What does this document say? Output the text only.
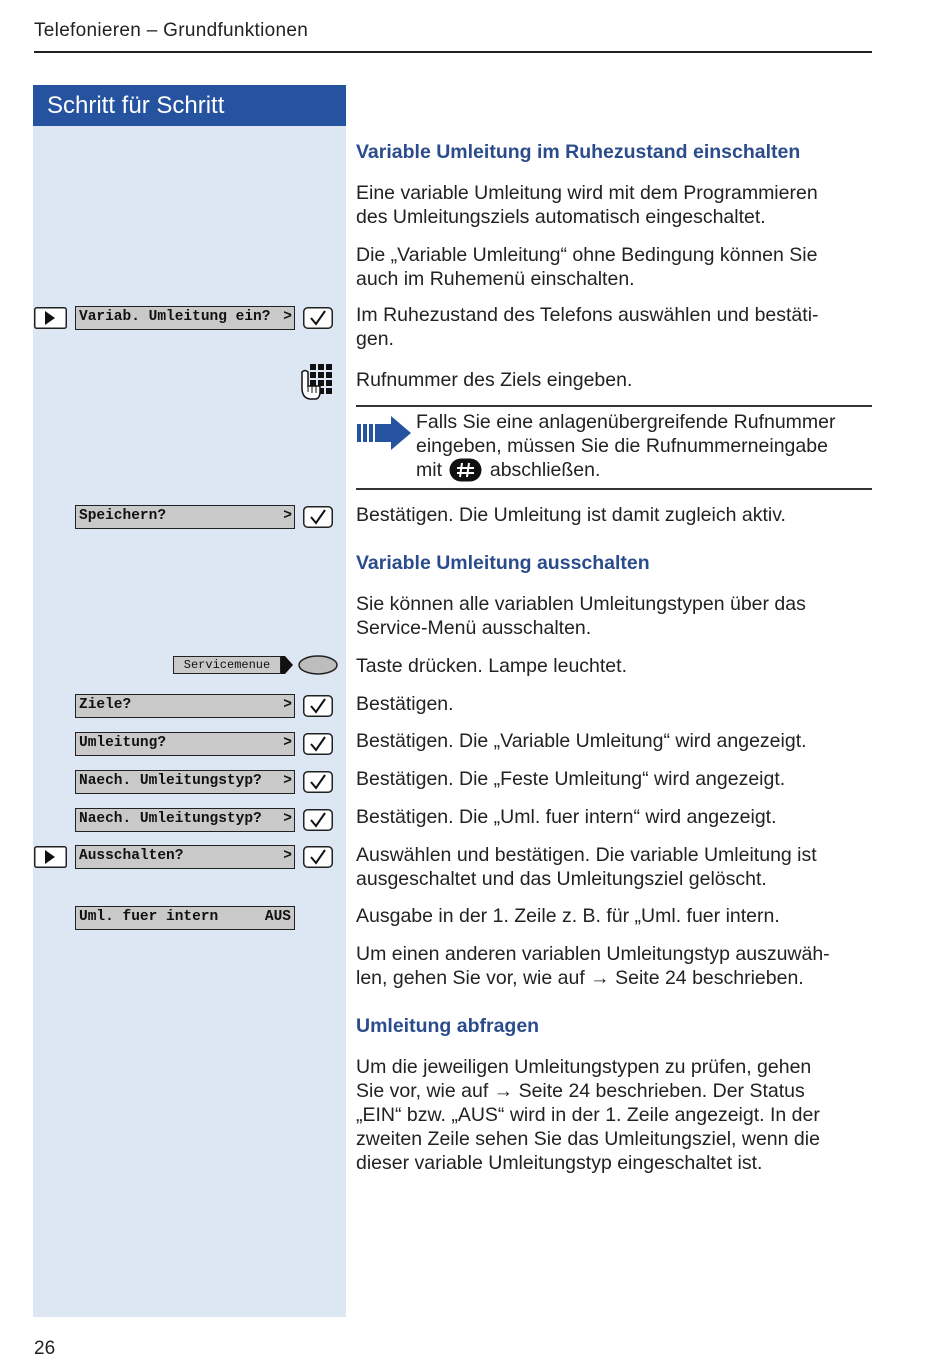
Telefonieren – Grundfunktionen
Schritt für Schritt
Variable Umleitung im Ruhezustand einschalten
Eine variable Umleitung wird mit dem Programmieren
des Umleitungsziels automatisch eingeschaltet.
Die „Variable Umleitung“ ohne Bedingung können Sie
auch im Ruhemenü einschalten.
Variab. Umleitung ein? >	Im Ruhezustand des Telefons auswählen und bestäti-
gen.
Rufnummer des Ziels eingeben.
Falls Sie eine anlagenübergreifende Rufnummer
eingeben, müssen Sie die Rufnummerneingabe
mit abschließen.
Speichern?	>	Bestätigen. Die Umleitung ist damit zugleich aktiv.
Variable Umleitung ausschalten
Sie können alle variablen Umleitungstypen über das
Service-Menü ausschalten.
Servicemenue	Taste drücken. Lampe leuchtet.
Ziele?	>	Bestätigen.
Umleitung?	>	Bestätigen. Die „Variable Umleitung“ wird angezeigt.
Naech. Umleitungstyp? >	Bestätigen. Die „Feste Umleitung“ wird angezeigt.
Naech. Umleitungstyp? >	Bestätigen. Die „Uml. fuer intern“ wird angezeigt.
Ausschalten?	>	Auswählen und bestätigen. Die variable Umleitung ist
ausgeschaltet und das Umleitungsziel gelöscht.
Uml. fuer intern	AUS	Ausgabe in der 1. Zeile z. B. für „Uml. fuer intern.
Um einen anderen variablen Umleitungstyp auszuwäh-
len, gehen Sie vor, wie auf → Seite 24 beschrieben.
Umleitung abfragen
Um die jeweiligen Umleitungstypen zu prüfen, gehen
Sie vor, wie auf → Seite 24 beschrieben. Der Status
„EIN“ bzw. „AUS“ wird in der 1. Zeile angezeigt. In der
zweiten Zeile sehen Sie das Umleitungsziel, wenn die
dieser variable Umleitungstyp eingeschaltet ist.
26
